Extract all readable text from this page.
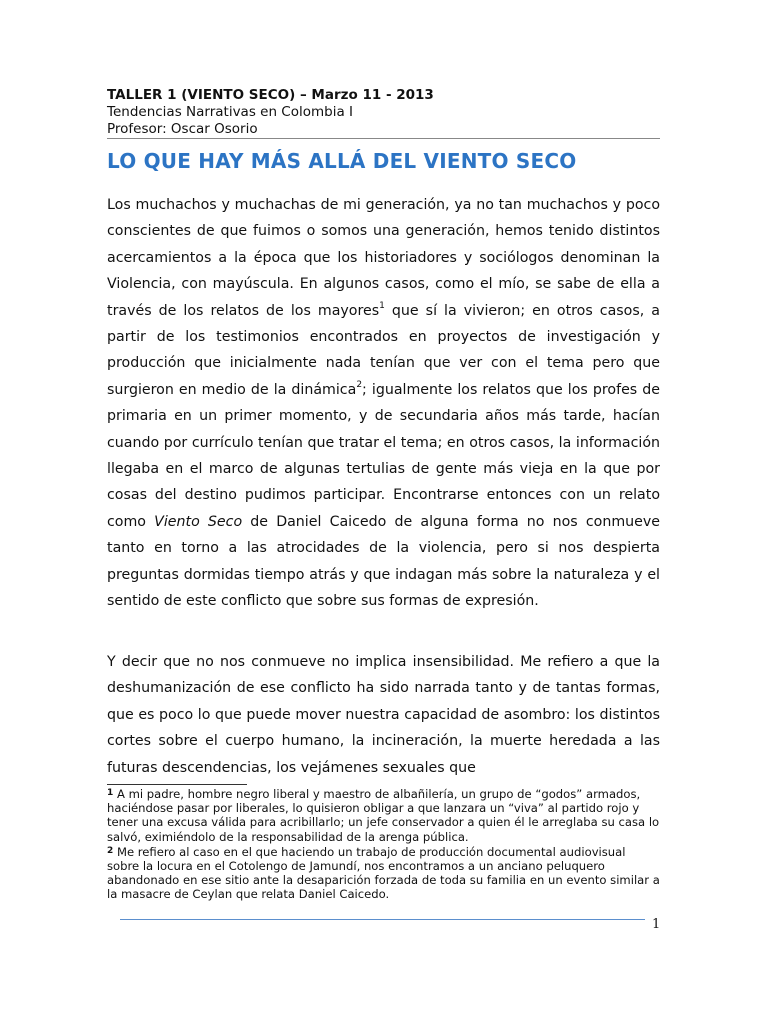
TALLER 1 (VIENTO SECO) – Marzo 11 - 2013

Tendencias Narrativas en Colombia I

Profesor: Oscar Osorio

LO QUE HAY MÁS ALLÁ DEL VIENTO SECO

Los muchachos y muchachas de mi generación, ya no tan muchachos y poco conscientes de que fuimos o somos una generación, hemos tenido distintos acercamientos a la época que los historiadores y sociólogos denominan la Violencia, con mayúscula. En algunos casos, como el mío, se sabe de ella a través de los relatos de los mayores$^1$ que sí la vivieron; en otros casos, a partir de los testimonios encontrados en proyectos de investigación y producción que inicialmente nada tenían que ver con el tema pero que surgieron en medio de la dinámica$^2$; igualmente los relatos que los profes de primaria en un primer momento, y de secundaria años más tarde, hacían cuando por currículo tenían que tratar el tema; en otros casos, la información llegaba en el marco de algunas tertulias de gente más vieja en la que por cosas del destino pudimos participar. Encontrarse entonces con un relato como Viento Seco de Daniel Caicedo de alguna forma no nos conmueve tanto en torno a las atrocidades de la violencia, pero si nos despierta preguntas dormidas tiempo atrás y que indagan más sobre la naturaleza y el sentido de este conflicto que sobre sus formas de expresión.

Y decir que no nos conmueve no implica insensibilidad. Me refiero a que la deshumanización de ese conflicto ha sido narrada tanto y de tantas formas, que es poco lo que puede mover nuestra capacidad de asombro: los distintos cortes sobre el cuerpo humano, la incineración, la muerte heredada a las futuras descendencias, los vejámenes sexuales que

$^1$ A mi padre, hombre negro liberal y maestro de albañilería, un grupo de “godos” armados, haciéndose pasar por liberales, lo quisieron obligar a que lanzara un “viva” al partido rojo y tener una excusa válida para acribillarlo; un jefe conservador a quien él le arreglaba su casa lo salvó, eximiéndolo de la responsabilidad de la arenga pública.

$^2$ Me refiero al caso en el que haciendo un trabajo de producción documental audiovisual sobre la locura en el Cotolengo de Jamundí, nos encontramos a un anciano peluquero abandonado en ese sitio ante la desaparición forzada de toda su familia en un evento similar a la masacre de Ceylan que relata Daniel Caicedo.

1
